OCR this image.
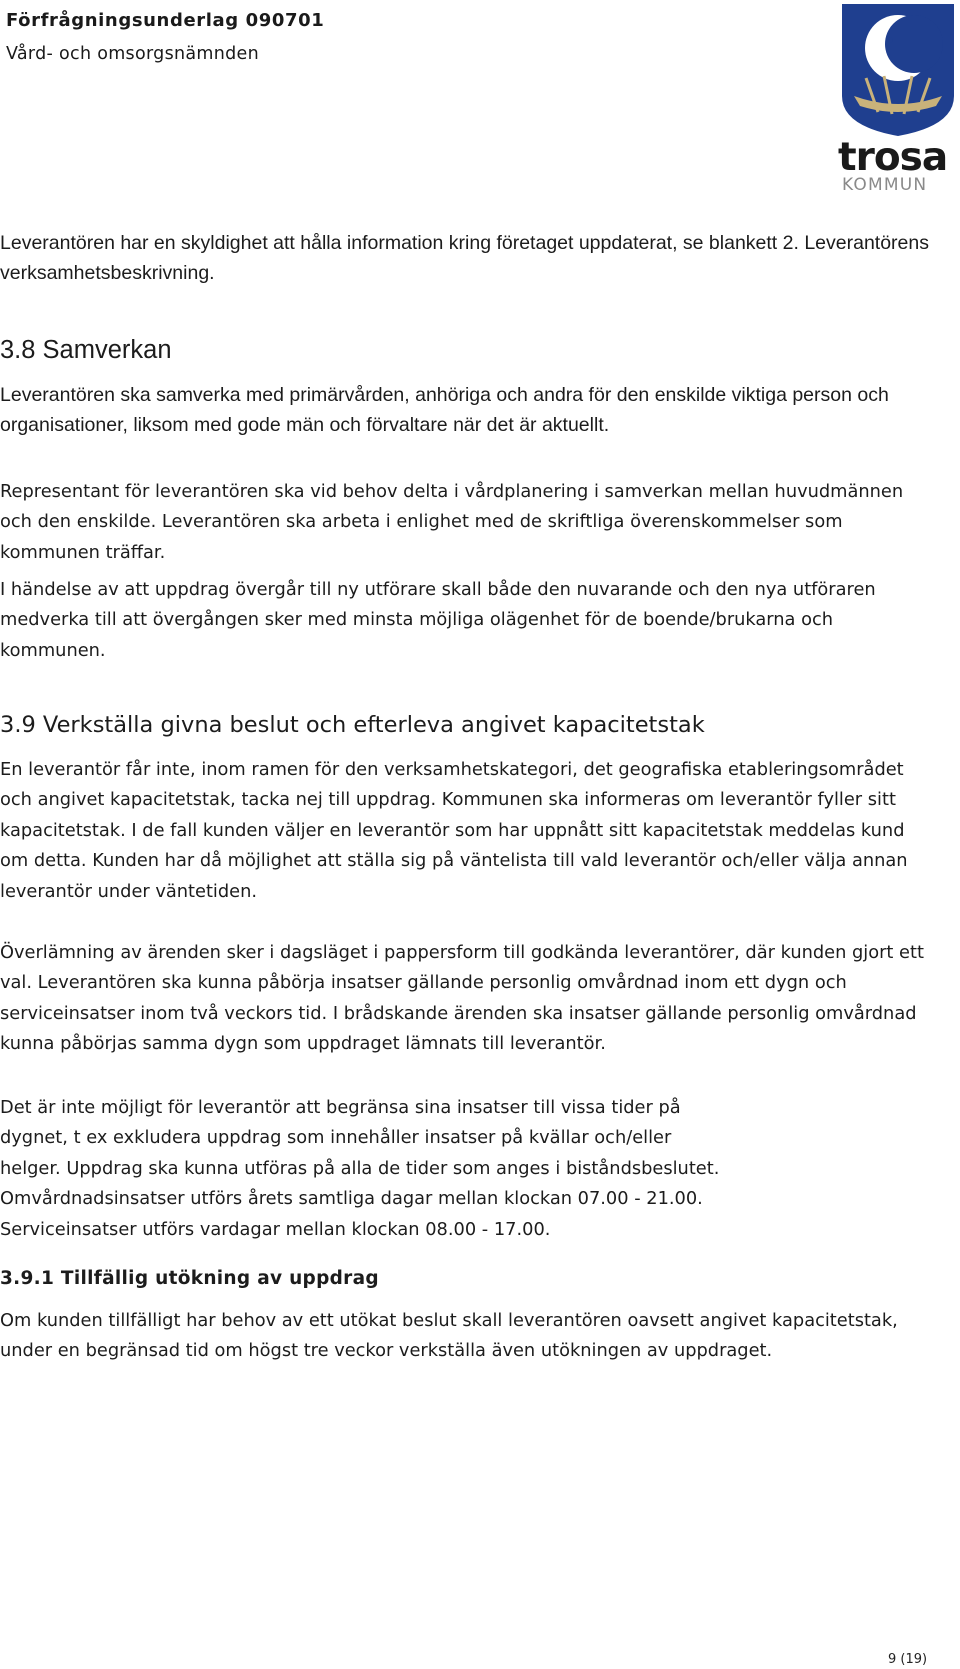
Förfrågningsunderlag 090701

Vård- och omsorgsnämnden

trosa
KOMMUN

Leverantören har en skyldighet att hålla information kring företaget uppdaterat, se blankett 2. Leverantörens verksamhetsbeskrivning.

3.8 Samverkan

Leverantören ska samverka med primärvården, anhöriga och andra för den enskilde viktiga person och organisationer, liksom med gode män och förvaltare när det är aktuellt.

Representant för leverantören ska vid behov delta i vårdplanering i samverkan mellan huvudmännen och den enskilde. Leverantören ska arbeta i enlighet med de skriftliga överenskommelser som kommunen träffar.

I händelse av att uppdrag övergår till ny utförare skall både den nuvarande och den nya utföraren medverka till att övergången sker med minsta möjliga olägenhet för de boende/brukarna och kommunen.

3.9 Verkställa givna beslut och efterleva angivet kapacitetstak

En leverantör får inte, inom ramen för den verksamhetskategori, det geografiska etableringsområdet och angivet kapacitetstak, tacka nej till uppdrag. Kommunen ska informeras om leverantör fyller sitt kapacitetstak. I de fall kunden väljer en leverantör som har uppnått sitt kapacitetstak meddelas kund om detta. Kunden har då möjlighet att ställa sig på väntelista till vald leverantör och/eller välja annan leverantör under väntetiden.

Överlämning av ärenden sker i dagsläget i pappersform till godkända leverantörer, där kunden gjort ett val. Leverantören ska kunna påbörja insatser gällande personlig omvårdnad inom ett dygn och serviceinsatser inom två veckors tid. I brådskande ärenden ska insatser gällande personlig omvårdnad kunna påbörjas samma dygn som uppdraget lämnats till leverantör.

Det är inte möjligt för leverantör att begränsa sina insatser till vissa tider på
dygnet, t ex exkludera uppdrag som innehåller insatser på kvällar och/eller
helger. Uppdrag ska kunna utföras på alla de tider som anges i biståndsbeslutet.
Omvårdnadsinsatser utförs årets samtliga dagar mellan klockan 07.00 - 21.00.
Serviceinsatser utförs vardagar mellan klockan 08.00 - 17.00.
3.9.1 Tillfällig utökning av uppdrag

Om kunden tillfälligt har behov av ett utökat beslut skall leverantören oavsett angivet kapacitetstak, under en begränsad tid om högst tre veckor verkställa även utökningen av uppdraget.

9 (19)
